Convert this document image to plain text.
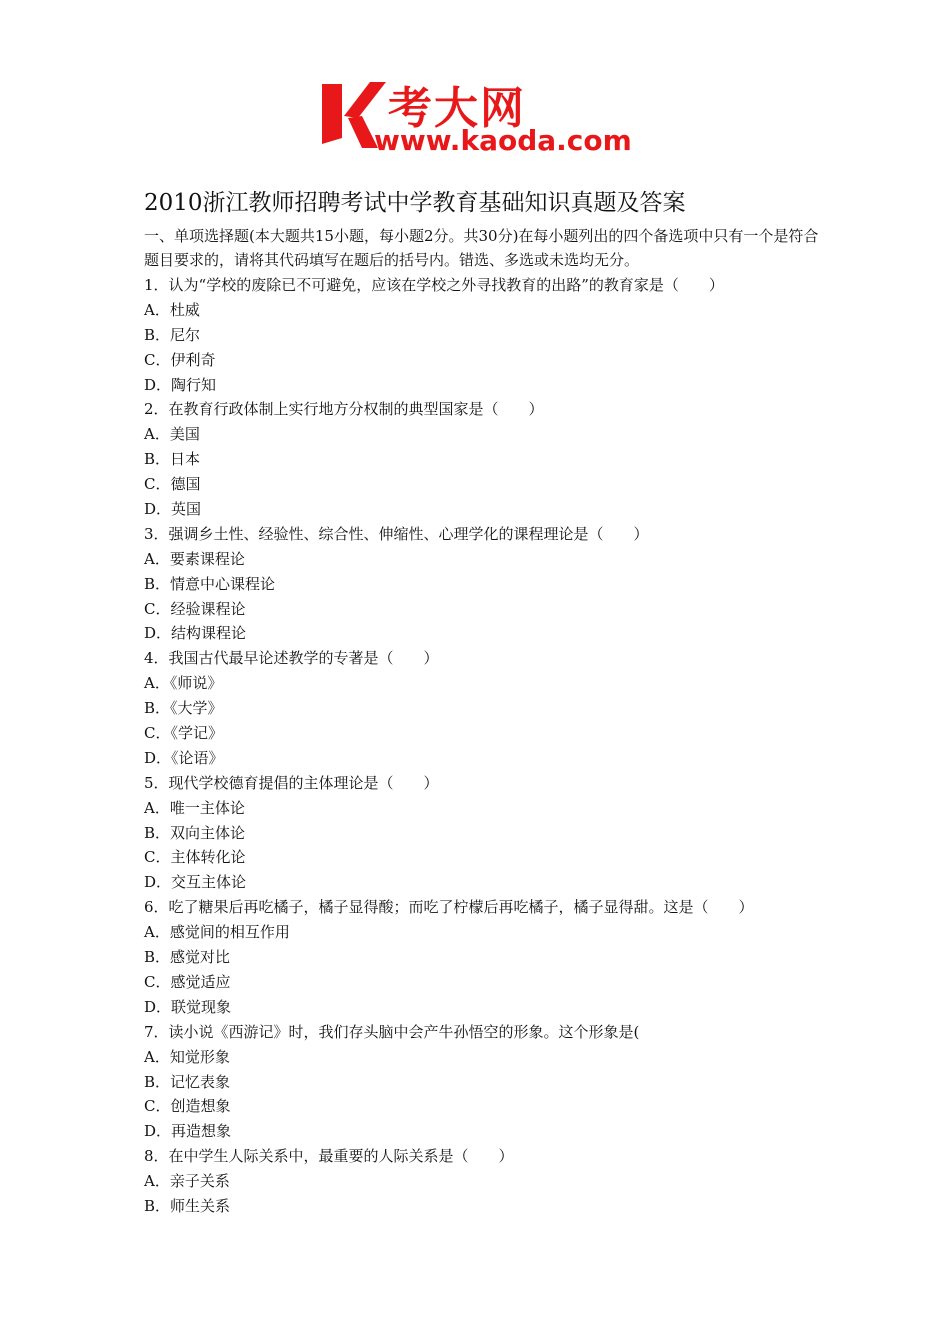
考大网
www.kaoda.com
2010浙江教师招聘考试中学教育基础知识真题及答案
一、单项选择题(本大题共15小题，每小题2分。共30分)在每小题列出的四个备选项中只有一个是符合题目要求的，请将其代码填写在题后的括号内。错选、多选或未选均无分。
1．认为“学校的废除已不可避免，应该在学校之外寻找教育的出路”的教育家是（　　）
A．杜威
B．尼尔
C．伊利奇
D．陶行知
2．在教育行政体制上实行地方分权制的典型国家是（　　）
A．美国
B．日本
C．德国
D．英国
3．强调乡土性、经验性、综合性、伸缩性、心理学化的课程理论是（　　）
A．要素课程论
B．情意中心课程论
C．经验课程论
D．结构课程论
4．我国古代最早论述教学的专著是（　　）
A．《师说》
B．《大学》
C．《学记》
D．《论语》
5．现代学校德育提倡的主体理论是（　　）
A．唯一主体论
B．双向主体论
C．主体转化论
D．交互主体论
6．吃了糖果后再吃橘子，橘子显得酸；而吃了柠檬后再吃橘子，橘子显得甜。这是（　　）
A．感觉间的相互作用
B．感觉对比
C．感觉适应
D．联觉现象
7．读小说《西游记》时，我们存头脑中会产牛孙悟空的形象。这个形象是(
A．知觉形象
B．记忆表象
C．创造想象
D．再造想象
8．在中学生人际关系中，最重要的人际关系是（　　）
A．亲子关系
B．师生关系
